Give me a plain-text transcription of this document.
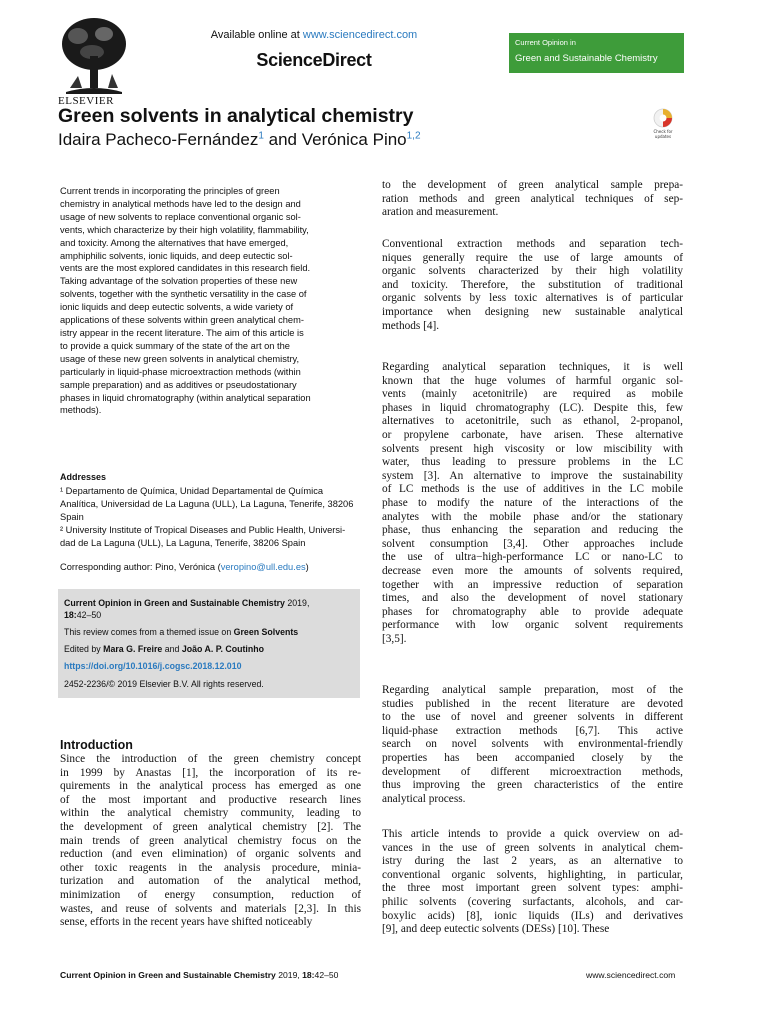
ELSEVIER
Available online at www.sciencedirect.com
ScienceDirect
Current Opinion in
Green and Sustainable Chemistry
Green solvents in analytical chemistry
Idaira Pacheco-Fernández$^1$ and Verónica Pino$^{1,2}$	Check for
updates
Current trends in incorporating the principles of green
chemistry in analytical methods have led to the design and
usage of new solvents to replace conventional organic sol-
vents, which characterize by their high volatility, flammability,
and toxicity. Among the alternatives that have emerged,
amphiphilic solvents, ionic liquids, and deep eutectic sol-
vents are the most explored candidates in this research field.
Taking advantage of the solvation properties of these new
solvents, together with the synthetic versatility in the case of
ionic liquids and deep eutectic solvents, a wide variety of
applications of these solvents within green analytical chem-
istry appear in the recent literature. The aim of this article is
to provide a quick summary of the state of the art on the
usage of these new green solvents in analytical chemistry,
particularly in liquid-phase microextraction methods (within
sample preparation) and as additives or pseudostationary
phases in liquid chromatography (within analytical separation
methods).
Addresses
¹ Departamento de Química, Unidad Departamental de Química
Analítica, Universidad de La Laguna (ULL), La Laguna, Tenerife, 38206
Spain
² University Institute of Tropical Diseases and Public Health, Universi-
dad de La Laguna (ULL), La Laguna, Tenerife, 38206 Spain
Corresponding author: Pino, Verónica (veropino@ull.edu.es)
Current Opinion in Green and Sustainable Chemistry 2019,
18:42–50
This review comes from a themed issue on Green Solvents
Edited by Mara G. Freire and João A. P. Coutinho
https://doi.org/10.1016/j.cogsc.2018.12.010
2452-2236/© 2019 Elsevier B.V. All rights reserved.
Introduction
Since the introduction of the green chemistry concept
in 1999 by Anastas [1], the incorporation of its re-
quirements in the analytical process has emerged as one
of the most important and productive research lines
within the analytical chemistry community, leading to
the development of green analytical chemistry [2]. The
main trends of green analytical chemistry focus on the
reduction (and even elimination) of organic solvents and
other toxic reagents in the analysis procedure, minia-
turization and automation of the analytical method,
minimization of energy consumption, reduction of
wastes, and reuse of solvents and materials [2,3]. In this
sense, efforts in the recent years have shifted noticeably
to the development of green analytical sample prepa-
ration methods and green analytical techniques of sep-
aration and measurement.
Conventional extraction methods and separation tech-
niques generally require the use of large amounts of
organic solvents characterized by their high volatility
and toxicity. Therefore, the substitution of traditional
organic solvents by less toxic alternatives is of particular
importance when designing new sustainable analytical
methods [4].
Regarding analytical separation techniques, it is well
known that the huge volumes of harmful organic sol-
vents (mainly acetonitrile) are required as mobile
phases in liquid chromatography (LC). Despite this, few
alternatives to acetonitrile, such as ethanol, 2-propanol,
or propylene carbonate, have arisen. These alternative
solvents present high viscosity or low miscibility with
water, thus leading to pressure problems in the LC
system [3]. An alternative to improve the sustainability
of LC methods is the use of additives in the LC mobile
phase to modify the nature of the interactions of the
analytes with the mobile phase and/or the stationary
phase, thus enhancing the separation and reducing the
solvent consumption [3,4]. Other approaches include
the use of ultra−high-performance LC or nano-LC to
decrease even more the amounts of solvents required,
together with an impressive reduction of separation
times, and also the development of novel stationary
phases for chromatography able to provide adequate
performance with low organic solvent requirements
[3,5].
Regarding analytical sample preparation, most of the
studies published in the recent literature are devoted
to the use of novel and greener solvents in different
liquid-phase extraction methods [6,7]. This active
search on novel solvents with environmental-friendly
properties has been accompanied closely by the
development of different microextraction methods,
thus improving the green characteristics of the entire
analytical process.
This article intends to provide a quick overview on ad-
vances in the use of green solvents in analytical chem-
istry during the last 2 years, as an alternative to
conventional organic solvents, highlighting, in particular,
the three most important green solvent types: amphi-
philic solvents (covering surfactants, alcohols, and car-
boxylic acids) [8], ionic liquids (ILs) and derivatives
[9], and deep eutectic solvents (DESs) [10]. These
Current Opinion in Green and Sustainable Chemistry 2019, 18:42–50	www.sciencedirect.com
